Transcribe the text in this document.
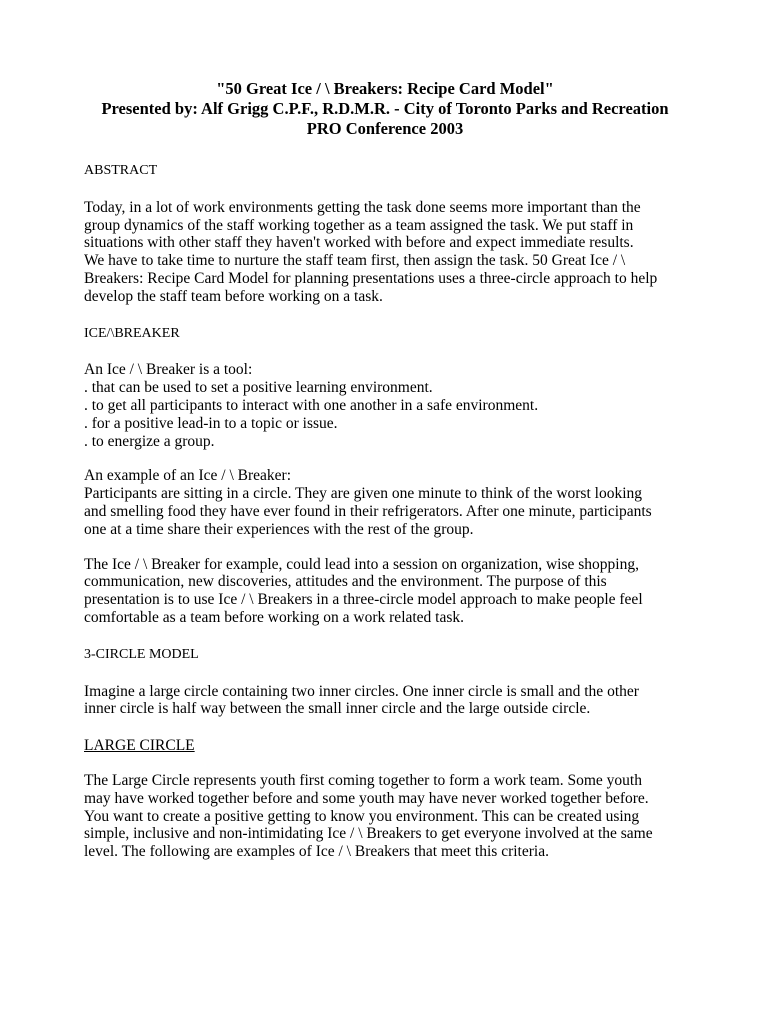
"50 Great Ice / \ Breakers: Recipe Card Model"
Presented by: Alf Grigg C.P.F., R.D.M.R. - City of Toronto Parks and Recreation
PRO Conference 2003
ABSTRACT
Today, in a lot of work environments getting the task done seems more important than the
group dynamics of the staff working together as a team assigned the task. We put staff in
situations with other staff they haven't worked with before and expect immediate results.
We have to take time to nurture the staff team first, then assign the task. 50 Great Ice / \
Breakers: Recipe Card Model for planning presentations uses a three-circle approach to help
develop the staff team before working on a task.
ICE/\BREAKER
An Ice / \ Breaker is a tool:
. that can be used to set a positive learning environment.
. to get all participants to interact with one another in a safe environment.
. for a positive lead-in to a topic or issue.
. to energize a group.
An example of an Ice / \ Breaker:
Participants are sitting in a circle. They are given one minute to think of the worst looking
and smelling food they have ever found in their refrigerators. After one minute, participants
one at a time share their experiences with the rest of the group.
The Ice / \ Breaker for example, could lead into a session on organization, wise shopping,
communication, new discoveries, attitudes and the environment. The purpose of this
presentation is to use Ice / \ Breakers in a three-circle model approach to make people feel
comfortable as a team before working on a work related task.
3-CIRCLE MODEL
Imagine a large circle containing two inner circles. One inner circle is small and the other
inner circle is half way between the small inner circle and the large outside circle.
LARGE CIRCLE
The Large Circle represents youth first coming together to form a work team. Some youth
may have worked together before and some youth may have never worked together before.
You want to create a positive getting to know you environment. This can be created using
simple, inclusive and non-intimidating Ice / \ Breakers to get everyone involved at the same
level. The following are examples of Ice / \ Breakers that meet this criteria.
